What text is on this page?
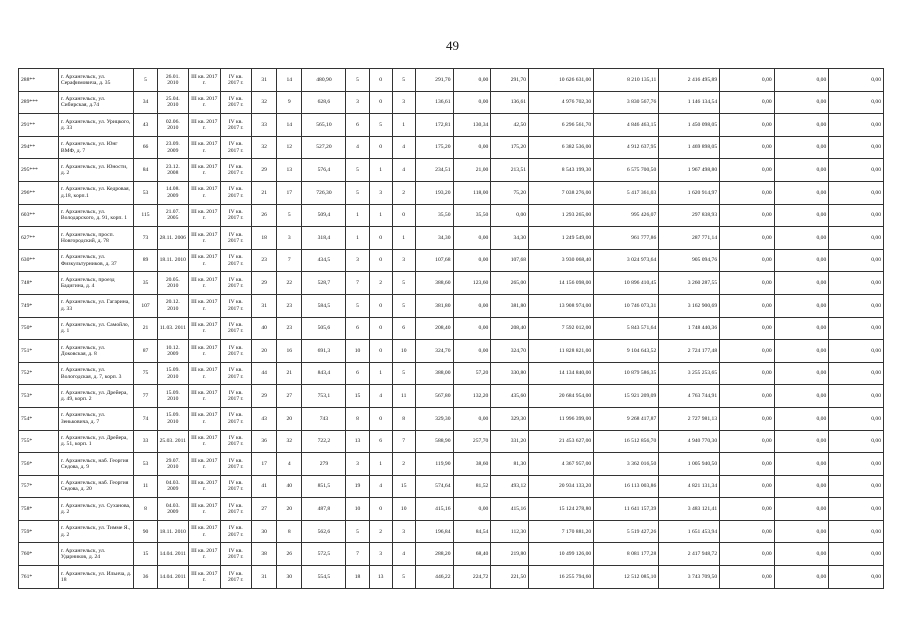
49
288**	г. Архангельск, ул. Серафимовича, д. 35	5	26.01. 2010	III кв. 2017 г.	IV кв. 2017 г.	31	14	480,90	5	0	5	291,70	0,00	291,70	10 626 631,00	8 210 135,11	2 416 495,89	0,00	0,00	0,00
289***	г. Архангельск, ул. Сибирская, д.74	34	25.04. 2010	III кв. 2017 г.	IV кв. 2017 г.	32	9	628,6	3	0	3	136,61	0,00	136,61	4 976 702,30	3 830 567,76	1 146 134,54	0,00	0,00	0,00
291**	г. Архангельск, ул. Урицкого, д. 33	43	02.06. 2010	III кв. 2017 г.	IV кв. 2017 г.	33	14	565,10	6	5	1	172,81	130,34	42,50	6 296 561,70	4 846 463,15	1 450 098,05	0,00	0,00	0,00
294**	г. Архангельск, ул. Юнг ВМФ, д. 7	66	23.09. 2009	III кв. 2017 г.	IV кв. 2017 г.	32	12	527,20	4	0	4	175,20	0,00	175,20	6 382 536,00	4 912 637,95	1 469 898,05	0,00	0,00	0,00
295***	г. Архангельск, ул. Юности, д. 2	84	23.12. 2008	III кв. 2017 г.	IV кв. 2017 г.	29	13	576,4	5	1	4	234,51	21,00	213,51	8 543 199,30	6 575 700,50	1 967 498,80	0,00	0,00	0,00
296**	г. Архангельск, ул. Кедровая, д.18, корп.1	53	14.08. 2009	III кв. 2017 г.	IV кв. 2017 г.	21	17	726,30	5	3	2	193,20	118,00	75,20	7 038 276,00	5 417 361,03	1 620 914,97	0,00	0,00	0,00
603**	г. Архангельск, ул. Володарского, д. 91, корп. 1	115	21.07. 2005	III кв. 2017 г.	IV кв. 2017 г.	26	5	509,4	1	1	0	35,50	35,50	0,00	1 293 265,00	995 426,07	297 838,93	0,00	0,00	0,00
627**	г. Архангельск, просп. Новгородский, д. 78	73	28.11. 2006	III кв. 2017 г.	IV кв. 2017 г.	18	3	318,4	1	0	1	34,30	0,00	34,30	1 249 549,00	961 777,86	287 771,14	0,00	0,00	0,00
630**	г. Архангельск, ул. Физкультурников, д. 37	89	18.11. 2010	III кв. 2017 г.	IV кв. 2017 г.	23	7	434,5	3	0	3	107,68	0,00	107,68	3 930 068,40	3 024 973,64	905 094,76	0,00	0,00	0,00
748*	г. Архангельск, проезд Бадигина, д. 4	35	20.05. 2010	III кв. 2017 г.	IV кв. 2017 г.	29	22	528,7	7	2	5	388,60	123,60	265,00	14 156 098,00	10 896 410,45	3 260 287,55	0,00	0,00	0,00
749*	г. Архангельск, ул. Гагарина, д. 33	107	20.12. 2010	III кв. 2017 г.	IV кв. 2017 г.	31	23	584,5	5	0	5	381,80	0,00	381,80	13 908 974,00	10 746 073,31	3 162 900,69	0,00	0,00	0,00
750*	г. Архангельск, ул. Самойло, д. 1	21	11.03. 2011	III кв. 2017 г.	IV кв. 2017 г.	40	23	505,6	6	0	6	208,40	0,00	208,40	7 592 012,00	5 843 571,64	1 748 440,36	0,00	0,00	0,00
751*	г. Архангельск, ул. Доковская, д. 8	87	10.12. 2009	III кв. 2017 г.	IV кв. 2017 г.	20	16	691,3	10	0	10	324,70	0,00	324,70	11 828 821,00	9 104 643,52	2 724 177,48	0,00	0,00	0,00
752*	г. Архангельск, ул. Вологодская, д. 7, корп. 3	75	15.09. 2010	III кв. 2017 г.	IV кв. 2017 г.	44	21	843,4	6	1	5	388,00	57,20	330,80	14 134 840,00	10 879 586,35	3 255 253,65	0,00	0,00	0,00
753*	г. Архангельск, ул. Дрейера, д. 49, корп. 2	77	15.09. 2010	III кв. 2017 г.	IV кв. 2017 г.	29	27	753,1	15	4	11	567,80	132,20	435,60	20 684 954,00	15 921 209,09	4 763 744,91	0,00	0,00	0,00
754*	г. Архангельск, ул. Зеньковича, д. 7	74	15.09. 2010	III кв. 2017 г.	IV кв. 2017 г.	43	20	743	8	0	8	329,30	0,00	329,30	11 996 399,00	9 268 417,87	2 727 981,13	0,00	0,00	0,00
755*	г. Архангельск, ул. Дрейера, д. 51, корп. 1	33	25.03. 2011	III кв. 2017 г.	IV кв. 2017 г.	36	32	722,2	13	6	7	588,90	257,70	331,20	21 453 627,00	16 512 856,70	4 940 770,30	0,00	0,00	0,00
756*	г. Архангельск, наб. Георгия Седова, д. 9	53	29.07. 2010	III кв. 2017 г.	IV кв. 2017 г.	17	4	279	3	1	2	119,90	38,60	81,30	4 367 957,00	3 362 016,50	1 005 940,50	0,00	0,00	0,00
757*	г. Архангельск, наб. Георгия Седова, д. 20	11	04.03. 2009	III кв. 2017 г.	IV кв. 2017 г.	41	40	851,5	19	4	15	574,64	81,52	493,12	20 934 133,20	16 113 003,86	4 821 131,34	0,00	0,00	0,00
758*	г. Архангельск, ул. Суханова, д. 2	8	04.03. 2009	III кв. 2017 г.	IV кв. 2017 г.	27	20	487,8	10	0	10	415,16	0,00	415,16	15 124 278,80	11 641 157,39	3 483 121,41	0,00	0,00	0,00
759*	г. Архангельск, ул. Тимме Я., д. 2	90	18.11. 2010	III кв. 2017 г.	IV кв. 2017 г.	30	8	562,6	5	2	3	196,84	84,54	112,30	7 170 881,20	5 519 427,26	1 651 453,94	0,00	0,00	0,00
760*	г. Архангельск, ул. Ударников, д. 24	15	14.04. 2011	III кв. 2017 г.	IV кв. 2017 г.	38	26	572,5	7	3	4	288,20	68,40	219,80	10 499 126,00	8 081 177,28	2 417 948,72	0,00	0,00	0,00
761*	г. Архангельск, ул. Ильича, д. 18	36	14.04. 2011	III кв. 2017 г.	IV кв. 2017 г.	31	30	554,5	18	13	5	446,22	224,72	221,50	16 255 794,60	12 512 085,10	3 743 709,50	0,00	0,00	0,00
